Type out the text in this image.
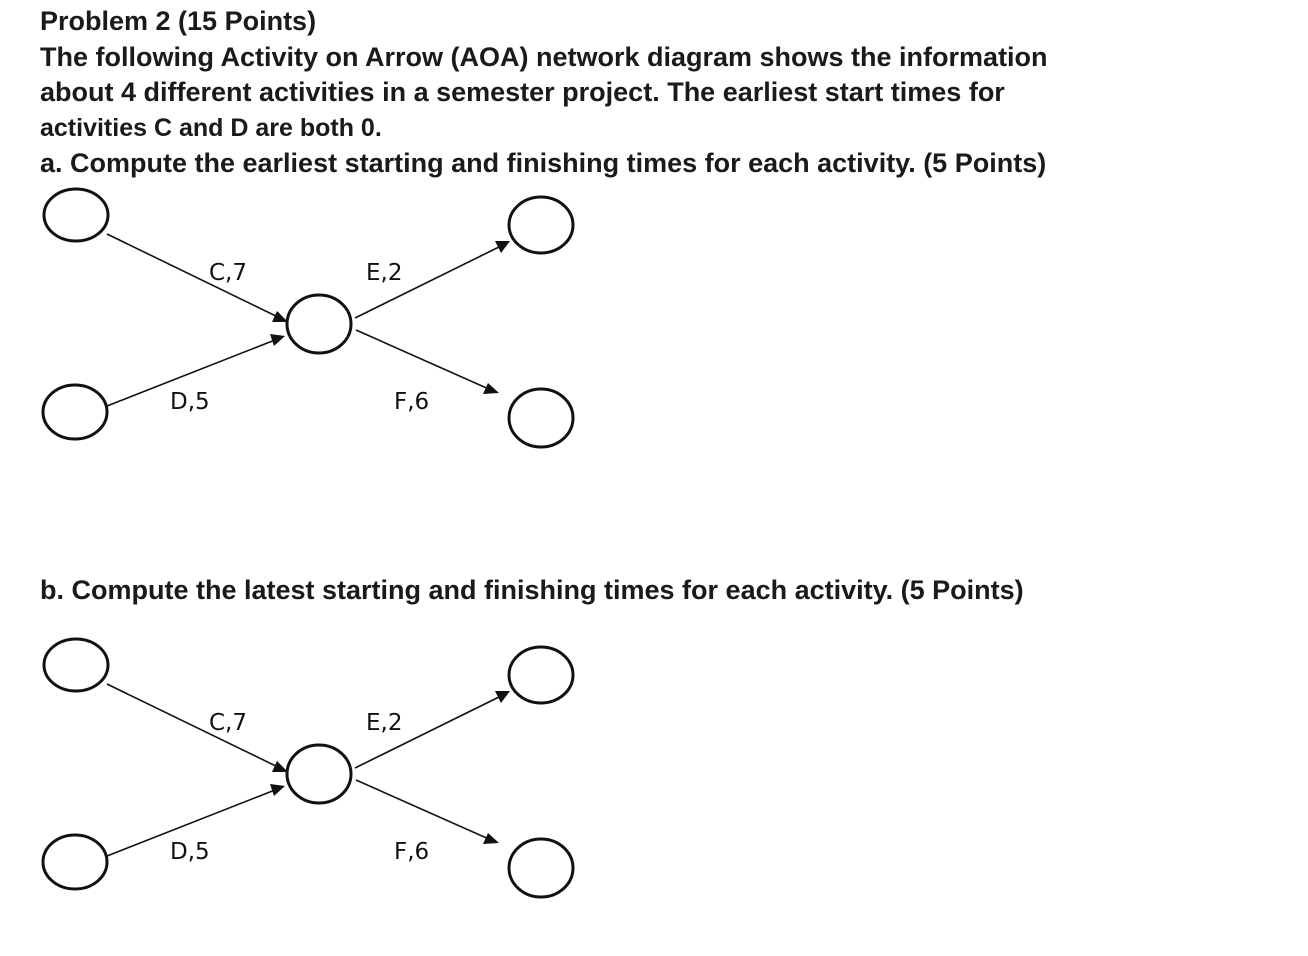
Problem 2 (15 Points)
The following Activity on Arrow (AOA) network diagram shows the information
about 4 different activities in a semester project. The earliest start times for
activities C and D are both 0.
a. Compute the earliest starting and finishing times for each activity. (5 Points)
C,7	E,2
D,5	F,6
b. Compute the latest starting and finishing times for each activity. (5 Points)
C,7	E,2
D,5	F,6
